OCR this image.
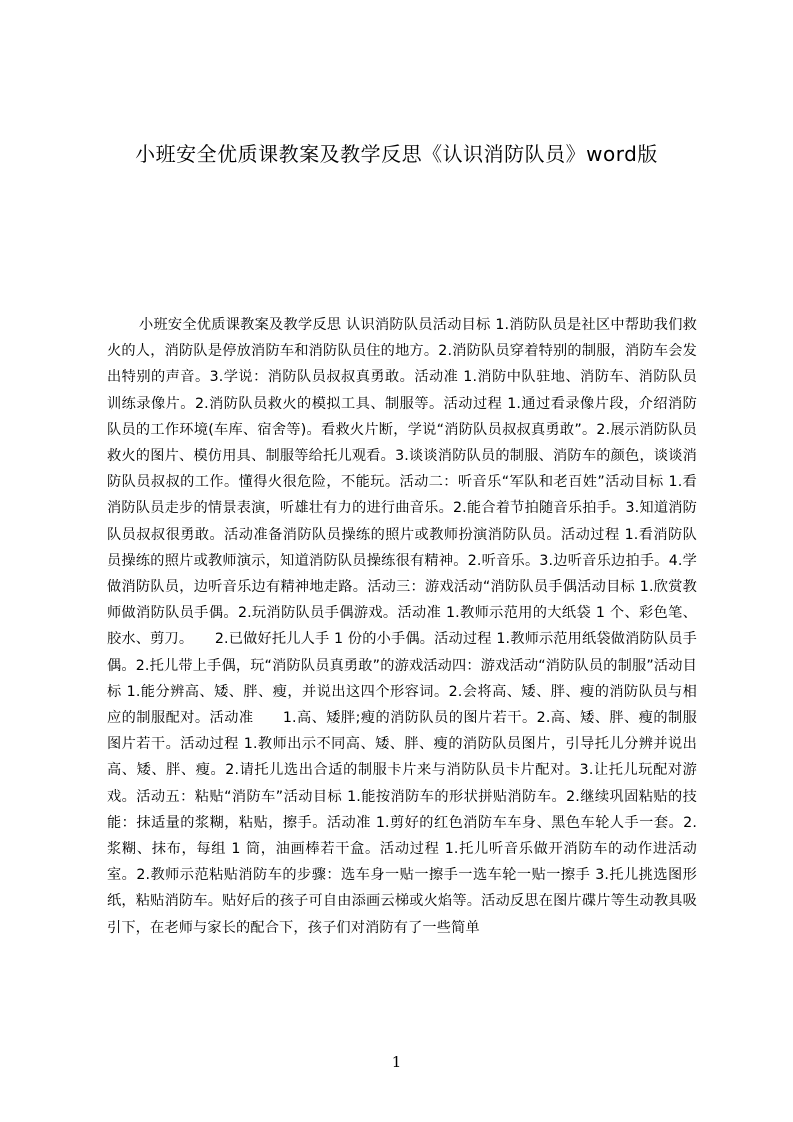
小班安全优质课教案及教学反思《认识消防队员》word版

小班安全优质课教案及教学反思 认识消防队员活动目标 1.消防队员是社区中帮助我们救火的人，消防队是停放消防车和消防队员住的地方。2.消防队员穿着特别的制服，消防车会发出特别的声音。3.学说：消防队员叔叔真勇敢。活动准 1.消防中队驻地、消防车、消防队员训练录像片。2.消防队员救火的模拟工具、制服等。活动过程 1.通过看录像片段，介绍消防队员的工作环境(车库、宿舍等)。看救火片断，学说“消防队员叔叔真勇敢”。2.展示消防队员救火的图片、模仿用具、制服等给托儿观看。3.谈谈消防队员的制服、消防车的颜色，谈谈消防队员叔叔的工作。懂得火很危险，不能玩。活动二：听音乐“军队和老百姓”活动目标 1.看消防队员走步的情景表演，听雄壮有力的进行曲音乐。2.能合着节拍随音乐拍手。3.知道消防队员叔叔很勇敢。活动准备消防队员操练的照片或教师扮演消防队员。活动过程 1.看消防队员操练的照片或教师演示，知道消防队员操练很有精神。2.听音乐。3.边听音乐边拍手。4.学做消防队员，边听音乐边有精神地走路。活动三：游戏活动“消防队员手偶活动目标 1.欣赏教师做消防队员手偶。2.玩消防队员手偶游戏。活动准 1.教师示范用的大纸袋 1 个、彩色笔、胶水、剪刀。　　2.已做好托儿人手 1 份的小手偶。活动过程 1.教师示范用纸袋做消防队员手偶。2.托儿带上手偶，玩“消防队员真勇敢”的游戏活动四：游戏活动“消防队员的制服”活动目标 1.能分辨高、矮、胖、瘦，并说出这四个形容词。2.会将高、矮、胖、瘦的消防队员与相应的制服配对。活动准　　1.高、矮胖;瘦的消防队员的图片若干。2.高、矮、胖、瘦的制服图片若干。活动过程 1.教师出示不同高、矮、胖、瘦的消防队员图片，引导托儿分辨并说出高、矮、胖、瘦。2.请托儿选出合适的制服卡片来与消防队员卡片配对。3.让托儿玩配对游戏。活动五：粘贴“消防车”活动目标 1.能按消防车的形状拼贴消防车。2.继续巩固粘贴的技能：抹适量的浆糊，粘贴，擦手。活动准 1.剪好的红色消防车车身、黑色车轮人手一套。2.浆糊、抹布，每组 1 筒，油画棒若干盒。活动过程 1.托儿听音乐做开消防车的动作进活动室。2.教师示范粘贴消防车的步骤：选车身一贴一擦手一选车轮一贴一擦手 3.托儿挑选图形纸，粘贴消防车。贴好后的孩子可自由添画云梯或火焰等。活动反思在图片碟片等生动教具吸引下，在老师与家长的配合下，孩子们对消防有了一些简单

1
